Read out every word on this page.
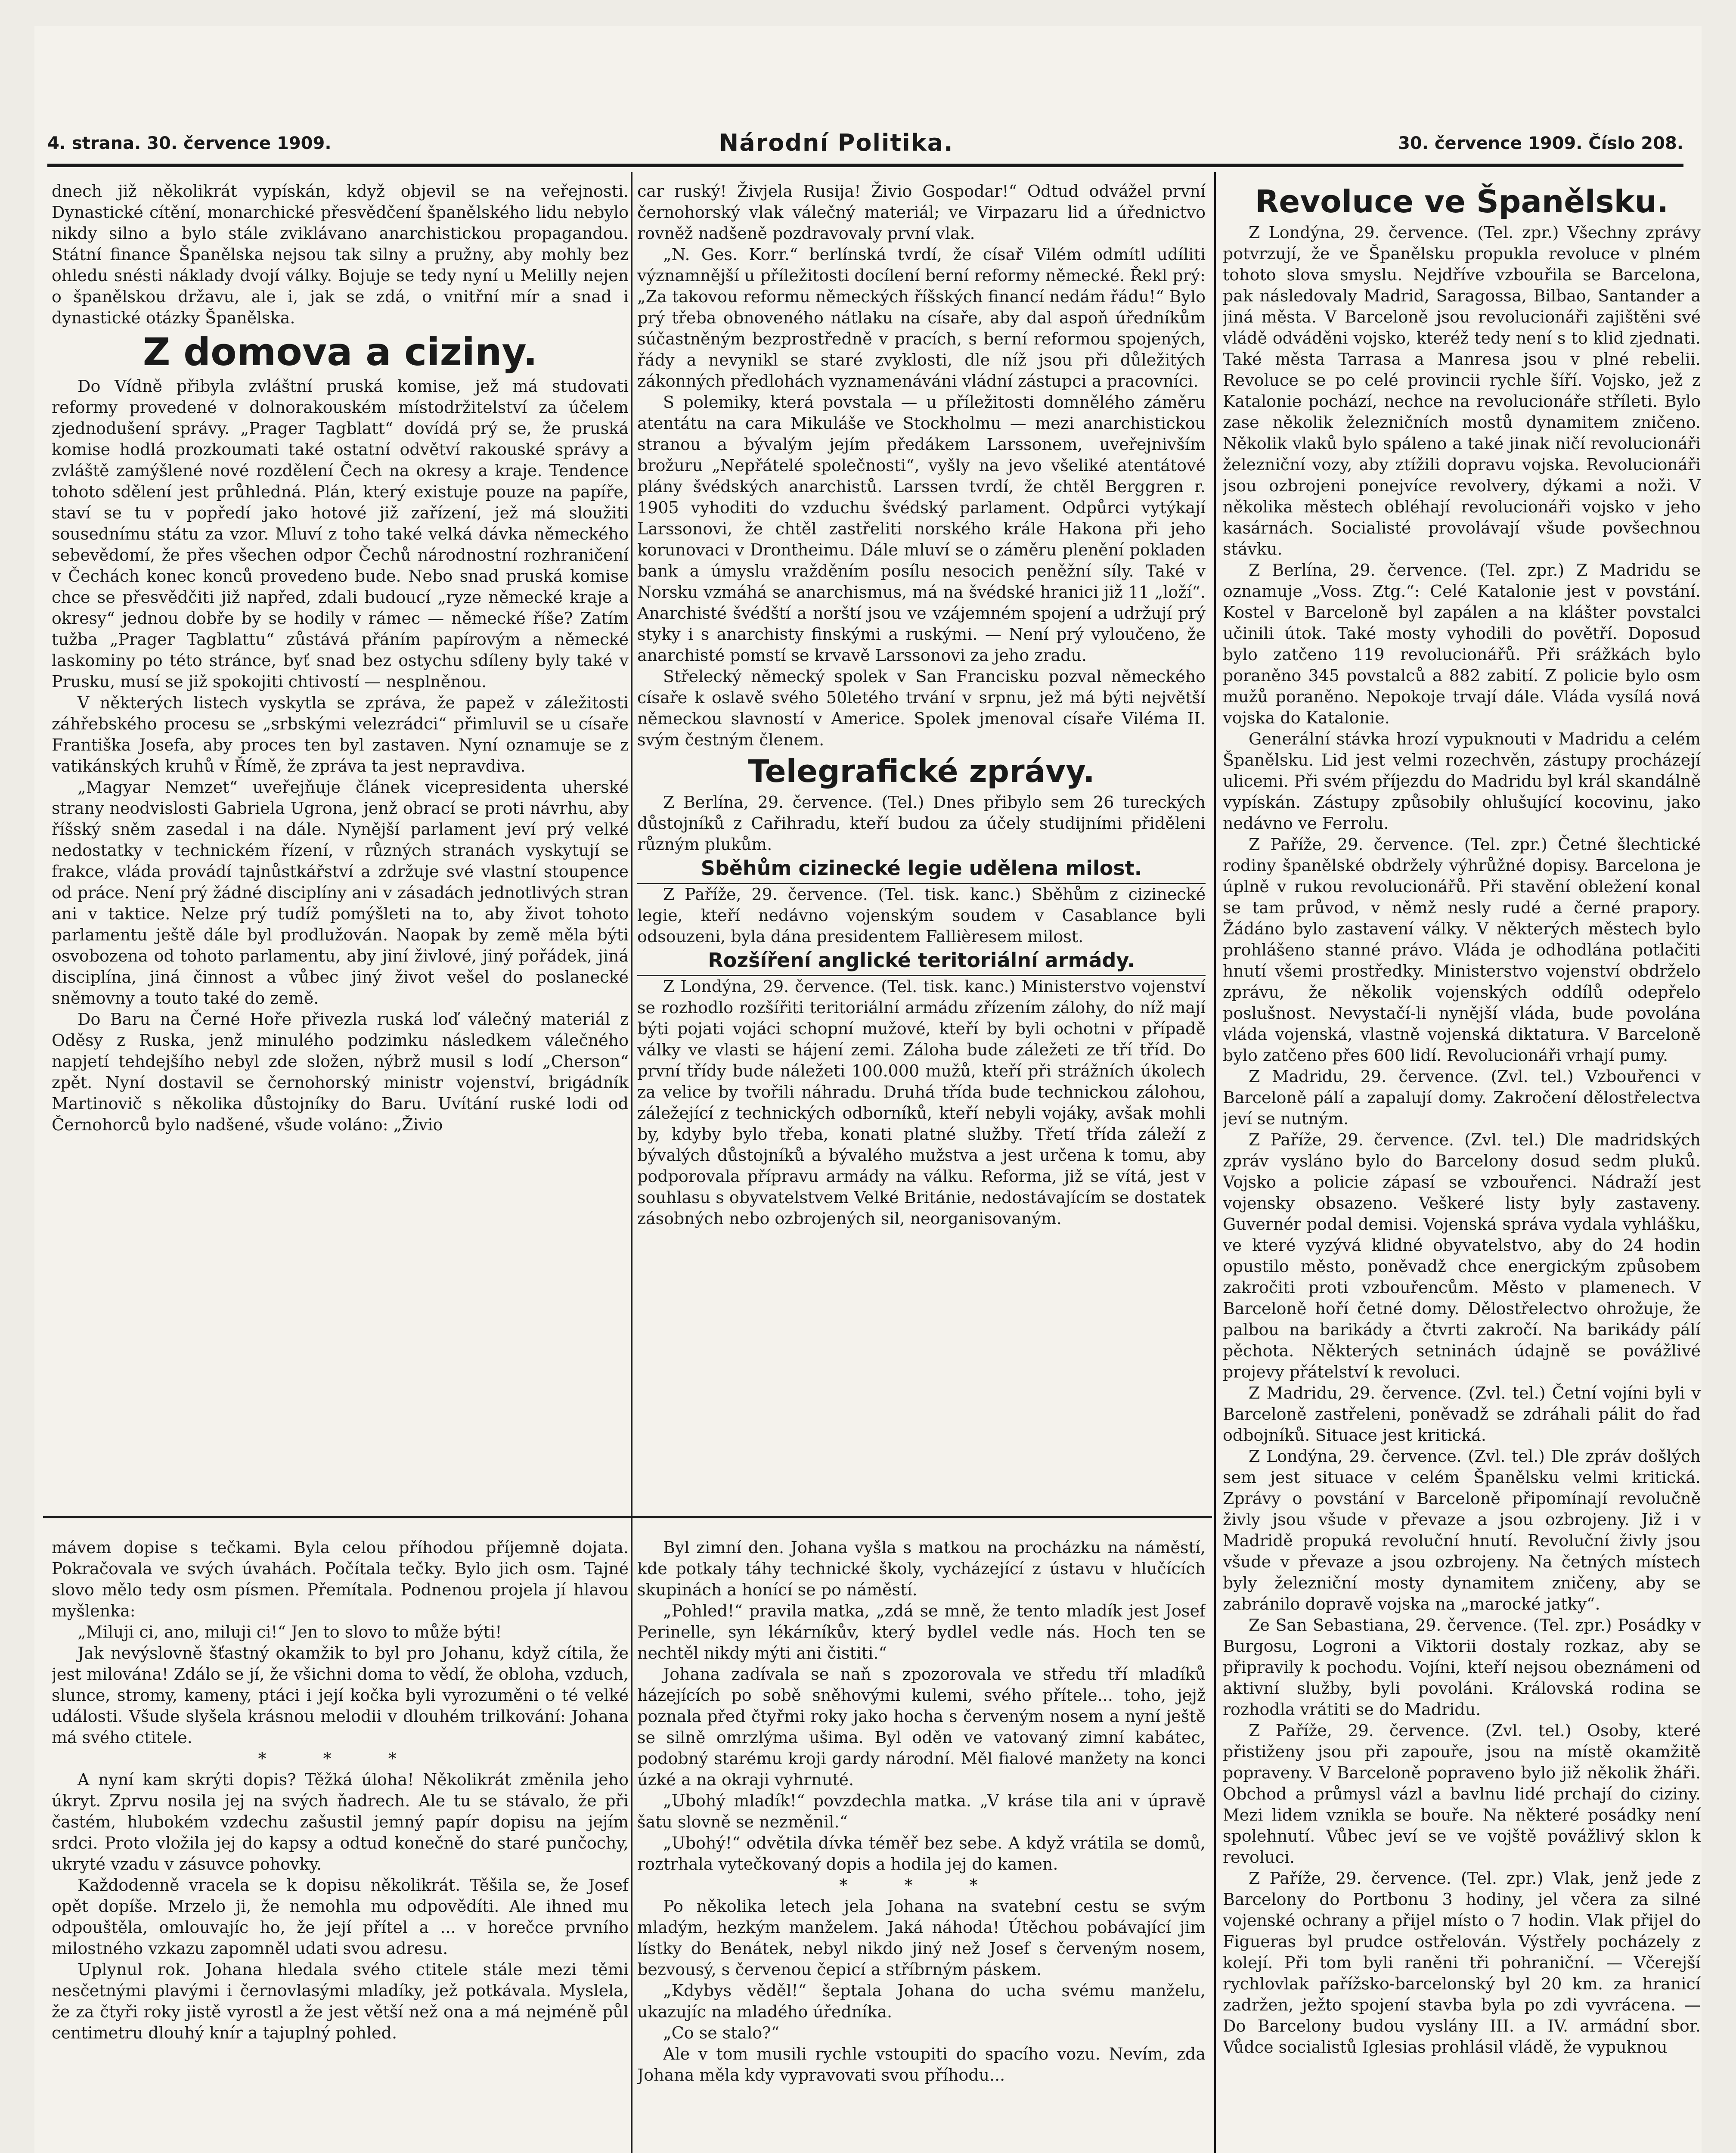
4. strana. 30. července 1909.	Národní Politika.	30. července 1909. Číslo 208.

dnech již několikrát vypískán, když objevil se na veřejnosti. Dynastické cítění, monarchické přesvědčení španělského lidu nebylo nikdy silno a bylo stále zviklávano anarchistickou propagandou. Státní finance Španělska nejsou tak silny a pružny, aby mohly bez ohledu snésti náklady dvojí války. Bojuje se tedy nyní u Melilly nejen o španělskou državu, ale i, jak se zdá, o vnitřní mír a snad i dynastické otázky Španělska.

Z domova a ciziny.

Do Vídně přibyla zvláštní pruská komise, jež má studovati reformy provedené v dolnorakouském místodržitelství za účelem zjednodušení správy. „Prager Tagblatt“ dovídá prý se, že pruská komise hodlá prozkoumati také ostatní odvětví rakouské správy a zvláště zamýšlené nové rozdělení Čech na okresy a kraje. Tendence tohoto sdělení jest průhledná. Plán, který existuje pouze na papíře, staví se tu v popředí jako hotové již zařízení, jež má sloužiti sousednímu státu za vzor. Mluví z toho také velká dávka německého sebevědomí, že přes všechen odpor Čechů národnostní rozhraničení v Čechách konec konců provedeno bude. Nebo snad pruská komise chce se přesvědčiti již napřed, zdali budoucí „ryze německé kraje a okresy“ jednou dobře by se hodily v rámec — německé říše? Zatím tužba „Prager Tagblattu“ zůstává přáním papírovým a německé laskominy po této stránce, byť snad bez ostychu sdíleny byly také v Prusku, musí se již spokojiti chtivostí — nesplněnou.

V některých listech vyskytla se zpráva, že papež v záležitosti záhřebského procesu se „srbskými velezrádci“ přimluvil se u císaře Františka Josefa, aby proces ten byl zastaven. Nyní oznamuje se z vatikánských kruhů v Římě, že zpráva ta jest nepravdiva.

„Magyar Nemzet“ uveřejňuje článek vicepresidenta uherské strany neodvislosti Gabriela Ugrona, jenž obrací se proti návrhu, aby říšský sněm zasedal i na dále. Nynější parlament jeví prý velké nedostatky v technickém řízení, v různých stranách vyskytují se frakce, vláda provádí tajnůstkářství a zdržuje své vlastní stoupence od práce. Není prý žádné disciplíny ani v zásadách jednotlivých stran ani v taktice. Nelze prý tudíž pomýšleti na to, aby život tohoto parlamentu ještě dále byl prodlužován. Naopak by země měla býti osvobozena od tohoto parlamentu, aby jiní živlové, jiný pořádek, jiná disciplína, jiná činnost a vůbec jiný život vešel do poslanecké sněmovny a touto také do země.

Do Baru na Černé Hoře přivezla ruská loď válečný materiál z Oděsy z Ruska, jenž minulého podzimku následkem válečného napjetí tehdejšího nebyl zde složen, nýbrž musil s lodí „Cherson“ zpět. Nyní dostavil se černohorský ministr vojenství, brigádník Martinovič s několika důstojníky do Baru. Uvítání ruské lodi od Černohorců bylo nadšené, všude voláno: „Živio

car ruský! Živjela Rusija! Živio Gospodar!“ Odtud odvážel první černohorský vlak válečný materiál; ve Virpazaru lid a úřednictvo rovněž nadšeně pozdravovaly první vlak.

„N. Ges. Korr.“ berlínská tvrdí, že císař Vilém odmítl udíliti významnější u příležitosti docílení berní reformy německé. Řekl prý: „Za takovou reformu německých říšských financí nedám řádu!“ Bylo prý třeba obnoveného nátlaku na císaře, aby dal aspoň úředníkům súčastněným bezprostředně v pracích, s berní reformou spojených, řády a nevynikl se staré zvyklosti, dle níž jsou při důležitých zákonných předlohách vyznamenáváni vládní zástupci a pracovníci.

S polemiky, která povstala — u příležitosti domnělého záměru atentátu na cara Mikuláše ve Stockholmu — mezi anarchistickou stranou a bývalým jejím předákem Larssonem, uveřejnivším brožuru „Nepřátelé společnosti“, vyšly na jevo všeliké atentátové plány švédských anarchistů. Larssen tvrdí, že chtěl Berggren r. 1905 vyhoditi do vzduchu švédský parlament. Odpůrci vytýkají Larssonovi, že chtěl zastřeliti norského krále Hakona při jeho korunovaci v Drontheimu. Dále mluví se o záměru plenění pokladen bank a úmyslu vražděním posílu nesocich peněžní síly. Také v Norsku vzmáhá se anarchismus, má na švédské hranici již 11 „loží“. Anarchisté švédští a norští jsou ve vzájemném spojení a udržují prý styky i s anarchisty finskými a ruskými. — Není prý vyloučeno, že anarchisté pomstí se krvavě Larssonovi za jeho zradu.

Střelecký německý spolek v San Francisku pozval německého císaře k oslavě svého 50letého trvání v srpnu, jež má býti největší německou slavností v Americe. Spolek jmenoval císaře Viléma II. svým čestným členem.

Telegrafické zprávy.

Z Berlína, 29. července. (Tel.) Dnes přibylo sem 26 tureckých důstojníků z Cařihradu, kteří budou za účely studijními přiděleni různým plukům.

Sběhům cizinecké legie udělena milost.

Z Paříže, 29. července. (Tel. tisk. kanc.) Sběhům z cizinecké legie, kteří nedávno vojenským soudem v Casablance byli odsouzeni, byla dána presidentem Fallièresem milost.

Rozšíření anglické teritoriální armády.

Z Londýna, 29. července. (Tel. tisk. kanc.) Ministerstvo vojenství se rozhodlo rozšířiti teritoriální armádu zřízením zálohy, do níž mají býti pojati vojáci schopní mužové, kteří by byli ochotni v případě války ve vlasti se hájení zemi. Záloha bude záležeti ze tří tříd. Do první třídy bude náležeti 100.000 mužů, kteří při strážních úkolech za velice by tvořili náhradu. Druhá třída bude technickou zálohou, záležející z technických odborníků, kteří nebyli vojáky, avšak mohli by, kdyby bylo třeba, konati platné služby. Třetí třída záleží z bývalých důstojníků a bývalého mužstva a jest určena k tomu, aby podporovala přípravu armády na válku. Reforma, již se vítá, jest v souhlasu s obyvatelstvem Velké Británie, nedostávajícím se dostatek zásobných nebo ozbrojených sil, neorganisovaným.

Revoluce ve Španělsku.

Z Londýna, 29. července. (Tel. zpr.) Všechny zprávy potvrzují, že ve Španělsku propukla revoluce v plném tohoto slova smyslu. Nejdříve vzbouřila se Barcelona, pak následovaly Madrid, Saragossa, Bilbao, Santander a jiná města. V Barceloně jsou revolucionáři zajištěni své vládě odváděni vojsko, kteréž tedy není s to klid zjednati. Také města Tarrasa a Manresa jsou v plné rebelii. Revoluce se po celé provincii rychle šíří. Vojsko, jež z Katalonie pochází, nechce na revolucionáře stříleti. Bylo zase několik železničních mostů dynamitem zničeno. Několik vlaků bylo spáleno a také jinak ničí revolucionáři železniční vozy, aby ztížili dopravu vojska. Revolucionáři jsou ozbrojeni ponejvíce revolvery, dýkami a noži. V několika městech obléhají revolucionáři vojsko v jeho kasárnách. Socialisté provolávají všude povšechnou stávku.

Z Berlína, 29. července. (Tel. zpr.) Z Madridu se oznamuje „Voss. Ztg.“: Celé Katalonie jest v povstání. Kostel v Barceloně byl zapálen a na klášter povstalci učinili útok. Také mosty vyhodili do povětří. Doposud bylo zatčeno 119 revolucionářů. Při srážkách bylo poraněno 345 povstalců a 882 zabití. Z policie bylo osm mužů poraněno. Nepokoje trvají dále. Vláda vysílá nová vojska do Katalonie.

Generální stávka hrozí vypuknouti v Madridu a celém Španělsku. Lid jest velmi rozechvěn, zástupy procházejí ulicemi. Při svém příjezdu do Madridu byl král skandálně vypískán. Zástupy způsobily ohlušující kocovinu, jako nedávno ve Ferrolu.

Z Paříže, 29. července. (Tel. zpr.) Četné šlechtické rodiny španělské obdržely výhrůžné dopisy. Barcelona je úplně v rukou revolucionářů. Při stavění obležení konal se tam průvod, v němž nesly rudé a černé prapory. Žádáno bylo zastavení války. V některých městech bylo prohlášeno stanné právo. Vláda je odhodlána potlačiti hnutí všemi prostředky. Ministerstvo vojenství obdrželo zprávu, že několik vojenských oddílů odepřelo poslušnost. Nevystačí-li nynější vláda, bude povolána vláda vojenská, vlastně vojenská diktatura. V Barceloně bylo zatčeno přes 600 lidí. Revolucionáři vrhají pumy.

Z Madridu, 29. července. (Zvl. tel.) Vzbouřenci v Barceloně pálí a zapalují domy. Zakročení dělostřelectva jeví se nutným.

Z Paříže, 29. července. (Zvl. tel.) Dle madridských zpráv vysláno bylo do Barcelony dosud sedm pluků. Vojsko a policie zápasí se vzbouřenci. Nádraží jest vojensky obsazeno. Veškeré listy byly zastaveny. Guvernér podal demisi. Vojenská správa vydala vyhlášku, ve které vyzývá klidné obyvatelstvo, aby do 24 hodin opustilo město, poněvadž chce energickým způsobem zakročiti proti vzbouřencům. Město v plamenech. V Barceloně hoří četné domy. Dělostřelectvo ohrožuje, že palbou na barikády a čtvrti zakročí. Na barikády pálí pěchota. Některých setninách údajně se povážlivé projevy přátelství k revoluci.

Z Madridu, 29. července. (Zvl. tel.) Četní vojíni byli v Barceloně zastřeleni, poněvadž se zdráhali pálit do řad odbojníků. Situace jest kritická.

Z Londýna, 29. července. (Zvl. tel.) Dle zpráv došlých sem jest situace v celém Španělsku velmi kritická. Zprávy o povstání v Barceloně připomínají revolučně živly jsou všude v převaze a jsou ozbrojeny. Již i v Madridě propuká revoluční hnutí. Revoluční živly jsou všude v převaze a jsou ozbrojeny. Na četných místech byly železniční mosty dynamitem zničeny, aby se zabránilo dopravě vojska na „marocké jatky“.

Ze San Sebastiana, 29. července. (Tel. zpr.) Posádky v Burgosu, Logroni a Viktorii dostaly rozkaz, aby se připravily k pochodu. Vojíni, kteří nejsou obeznámeni od aktivní služby, byli povoláni. Královská rodina se rozhodla vrátiti se do Madridu.

Z Paříže, 29. července. (Zvl. tel.) Osoby, které přistiženy jsou při zapouře, jsou na místě okamžitě popraveny. V Barceloně popraveno bylo již několik žháři. Obchod a průmysl vázl a bavlnu lidé prchají do ciziny. Mezi lidem vznikla se bouře. Na některé posádky není spolehnutí. Vůbec jeví se ve vojště povážlivý sklon k revoluci.

Z Paříže, 29. července. (Tel. zpr.) Vlak, jenž jede z Barcelony do Portbonu 3 hodiny, jel včera za silné vojenské ochrany a přijel místo o 7 hodin. Vlak přijel do Figueras byl prudce ostřelován. Výstřely pocházely z kolejí. Při tom byli raněni tři pohraniční. — Včerejší rychlovlak pařížsko-barcelonský byl 20 km. za hranicí zadržen, ježto spojení stavba byla po zdi vyvrácena. — Do Barcelony budou vyslány III. a IV. armádní sbor. Vůdce socialistů Iglesias prohlásil vládě, že vypuknou

mávem dopise s tečkami. Byla celou příhodou příjemně dojata. Pokračovala ve svých úvahách. Počítala tečky. Bylo jich osm. Tajné slovo mělo tedy osm písmen. Přemítala. Podnenou projela jí hlavou myšlenka:

„Miluji ci, ano, miluji ci!“ Jen to slovo to může býti!

Jak nevýslovně šťastný okamžik to byl pro Johanu, když cítila, že jest milována! Zdálo se jí, že všichni doma to vědí, že obloha, vzduch, slunce, stromy, kameny, ptáci i její kočka byli vyrozuměni o té velké události. Všude slyšela krásnou melodii v dlouhém trilkování: Johana má svého ctitele.

* * *

A nyní kam skrýti dopis? Těžká úloha! Několikrát změnila jeho úkryt. Zprvu nosila jej na svých ňadrech. Ale tu se stávalo, že při častém, hlubokém vzdechu zašustil jemný papír dopisu na jejím srdci. Proto vložila jej do kapsy a odtud konečně do staré punčochy, ukryté vzadu v zásuvce pohovky.

Každodenně vracela se k dopisu několikrát. Těšila se, že Josef opět dopíše. Mrzelo ji, že nemohla mu odpovědíti. Ale ihned mu odpouštěla, omlouvajíc ho, že její přítel a ... v horečce prvního milostného vzkazu zapomněl udati svou adresu.

Uplynul rok. Johana hledala svého ctitele stále mezi těmi nesčetnými plavými i černovlasými mladíky, jež potkávala. Myslela, že za čtyři roky jistě vyrostl a že jest větší než ona a má nejméně půl centimetru dlouhý knír a tajuplný pohled.

Byl zimní den. Johana vyšla s matkou na procházku na náměstí, kde potkaly táhy technické školy, vycházející z ústavu v hlučících skupinách a honící se po náměstí.

„Pohled!“ pravila matka, „zdá se mně, že tento mladík jest Josef Perinelle, syn lékárníkův, který bydlel vedle nás. Hoch ten se nechtěl nikdy mýti ani čistiti.“

Johana zadívala se naň s zpozorovala ve středu tří mladíků házejících po sobě sněhovými kulemi, svého přítele... toho, jejž poznala před čtyřmi roky jako hocha s červeným nosem a nyní ještě se silně omrzlýma ušima. Byl oděn ve vatovaný zimní kabátec, podobný starému kroji gardy národní. Měl fialové manžety na konci úzké a na okraji vyhrnuté.

„Ubohý mladík!“ povzdechla matka. „V kráse tila ani v úpravě šatu slovně se nezměnil.“

„Ubohý!“ odvětila dívka téměř bez sebe. A když vrátila se domů, roztrhala vytečkovaný dopis a hodila jej do kamen.

* * *

Po několika letech jela Johana na svatební cestu se svým mladým, hezkým manželem. Jaká náhoda! Útěchou pobávající jim lístky do Benátek, nebyl nikdo jiný než Josef s červeným nosem, bezvousý, s červenou čepicí a stříbrným páskem.

„Kdybys věděl!“ šeptala Johana do ucha svému manželu, ukazujíc na mladého úředníka.

„Co se stalo?“

Ale v tom musili rychle vstoupiti do spacího vozu. Nevím, zda Johana měla kdy vypravovati svou příhodu...
